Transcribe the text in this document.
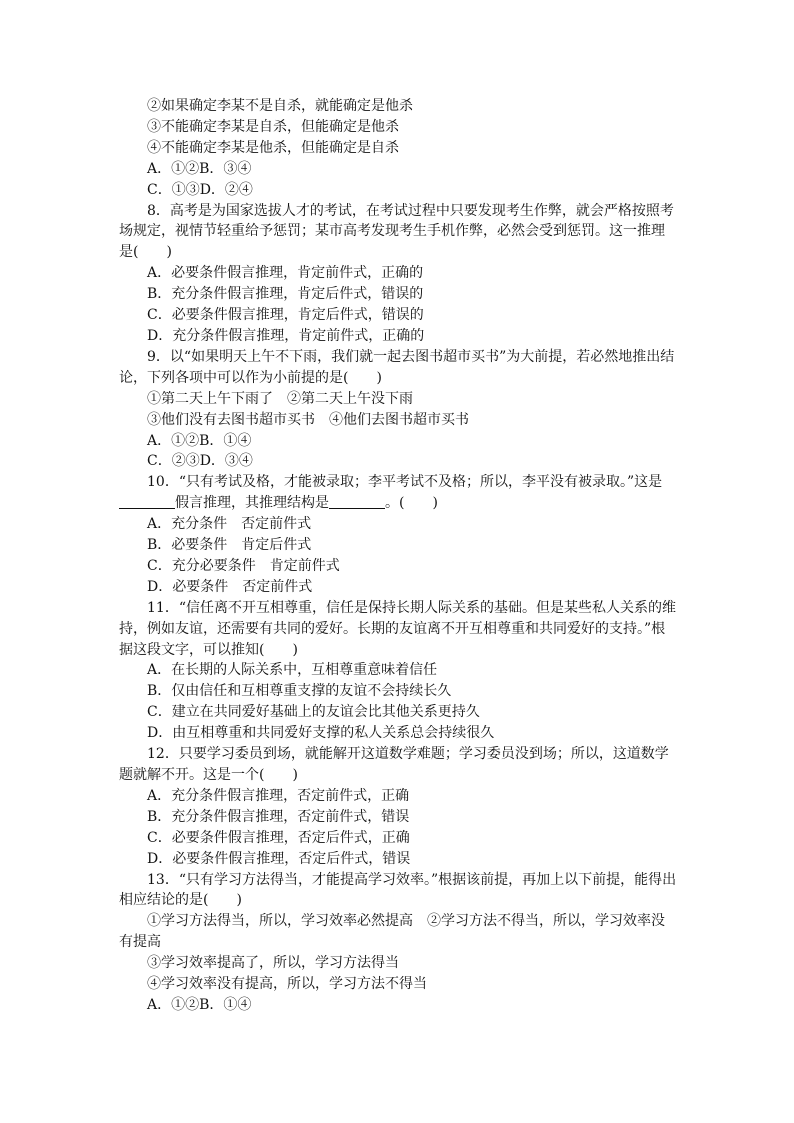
②如果确定李某不是自杀，就能确定是他杀
③不能确定李某是自杀，但能确定是他杀
④不能确定李某是他杀，但能确定是自杀
A．①②B．③④
C．①③D．②④
8．高考是为国家选拔人才的考试，在考试过程中只要发现考生作弊，就会严格按照考场规定，视情节轻重给予惩罚；某市高考发现考生手机作弊，必然会受到惩罚。这一推理是(　　)
A．必要条件假言推理，肯定前件式，正确的
B．充分条件假言推理，肯定后件式，错误的
C．必要条件假言推理，肯定后件式，错误的
D．充分条件假言推理，肯定前件式，正确的
9．以“如果明天上午不下雨，我们就一起去图书超市买书”为大前提，若必然地推出结论，下列各项中可以作为小前提的是(　　)
①第二天上午下雨了　②第二天上午没下雨
③他们没有去图书超市买书　④他们去图书超市买书
A．①②B．①④
C．②③D．③④
10．“只有考试及格，才能被录取；李平考试不及格；所以，李平没有被录取。”这是
假言推理，其推理结构是	。(　　)
A．充分条件　否定前件式
B．必要条件　肯定后件式
C．充分必要条件　肯定前件式
D．必要条件　否定前件式
11．“信任离不开互相尊重，信任是保持长期人际关系的基础。但是某些私人关系的维持，例如友谊，还需要有共同的爱好。长期的友谊离不开互相尊重和共同爱好的支持。”根据这段文字，可以推知(　　)
A．在长期的人际关系中，互相尊重意味着信任
B．仅由信任和互相尊重支撑的友谊不会持续长久
C．建立在共同爱好基础上的友谊会比其他关系更持久
D．由互相尊重和共同爱好支撑的私人关系总会持续很久
12．只要学习委员到场，就能解开这道数学难题；学习委员没到场；所以，这道数学题就解不开。这是一个(　　)
A．充分条件假言推理，否定前件式，正确
B．充分条件假言推理，否定前件式，错误
C．必要条件假言推理，否定后件式，正确
D．必要条件假言推理，否定后件式，错误
13．“只有学习方法得当，才能提高学习效率。”根据该前提，再加上以下前提，能得出相应结论的是(　　)
①学习方法得当，所以，学习效率必然提高　②学习方法不得当，所以，学习效率没有提高
③学习效率提高了，所以，学习方法得当
④学习效率没有提高，所以，学习方法不得当
A．①②B．①④
